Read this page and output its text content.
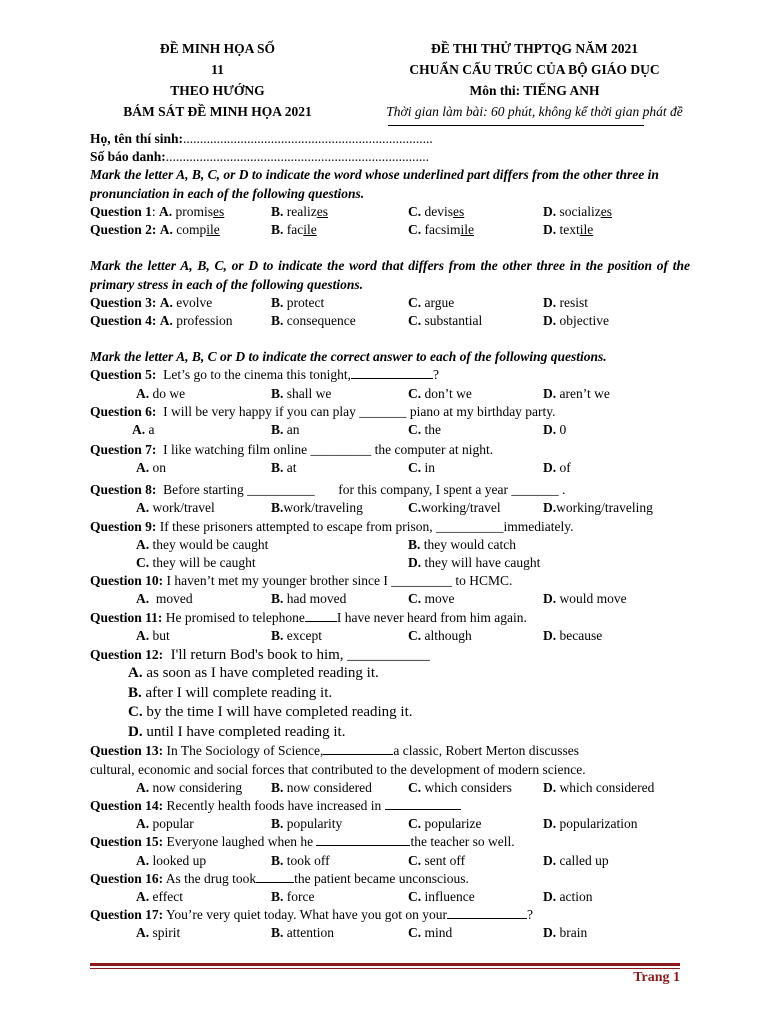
ĐỀ MINH HỌA SỐ
11
THEO HƯỚNG
BÁM SÁT ĐỀ MINH HỌA 2021
ĐỀ THI THỬ THPTQG NĂM 2021
CHUẨN CẤU TRÚC CỦA BỘ GIÁO DỤC
Môn thi: TIẾNG ANH
Thời gian làm bài: 60 phút, không kể thời gian phát đề
Họ, tên thí sinh:..........................................................................
Số báo danh:..............................................................................
Mark the letter A, B, C, or D to indicate the word whose underlined part differs from the other three in pronunciation in each of the following questions.
Question 1: A. promises	B. realizes	C. devises	D. socializes
Question 2: A. compile	B. facile	C. facsimile	D. textile
Mark the letter A, B, C, or D to indicate the word that differs from the other three in the position of the primary stress in each of the following questions.
Question 3: A. evolve	B. protect	C. argue	D. resist
Question 4: A. profession	B. consequence	C. substantial	D. objective
Mark the letter A, B, C or D to indicate the correct answer to each of the following questions.
Question 5: Let’s go to the cinema this tonight,	?
A. do we	B. shall we	C. don’t we	D. aren’t we
Question 6: I will be very happy if you can play _______ piano at my birthday party.
A. a	B. an	C. the	D. 0
Question 7: I like watching film online _________ the computer at night.
A. on	B. at	C. in	D. of
Question 8: Before starting __________ for this company, I spent a year _______ .
A. work/travel	B.work/traveling	C.working/travel	D.working/traveling
Question 9: If these prisoners attempted to escape from prison, __________immediately.
A. they would be caught	B. they would catch
C. they will be caught	D. they will have caught
Question 10: I haven’t met my younger brother since I _________ to HCMC.
A. moved	B. had moved	C. move	D. would move
Question 11: He promised to telephone I have never heard from him again.
A. but	B. except	C. although	D. because
Question 12: I'll return Bod's book to him, ___________
A. as soon as I have completed reading it.
B. after I will complete reading it.
C. by the time I will have completed reading it.
D. until I have completed reading it.
Question 13: In The Sociology of Science,	a classic, Robert Merton discusses
cultural, economic and social forces that contributed to the development of modern science.
A. now considering B. now considered	C. which considers D. which considered
Question 14: Recently health foods have increased in
A. popular	B. popularity	C. popularize	D. popularization
Question 15: Everyone laughed when he	the teacher so well.
A. looked up	B. took off	C. sent off	D. called up
Question 16: As the drug took	the patient became unconscious.
A. effect	B. force	C. influence	D. action
Question 17: You’re very quiet today. What have you got on your	?
A. spirit	B. attention	C. mind	D. brain
Trang 1
